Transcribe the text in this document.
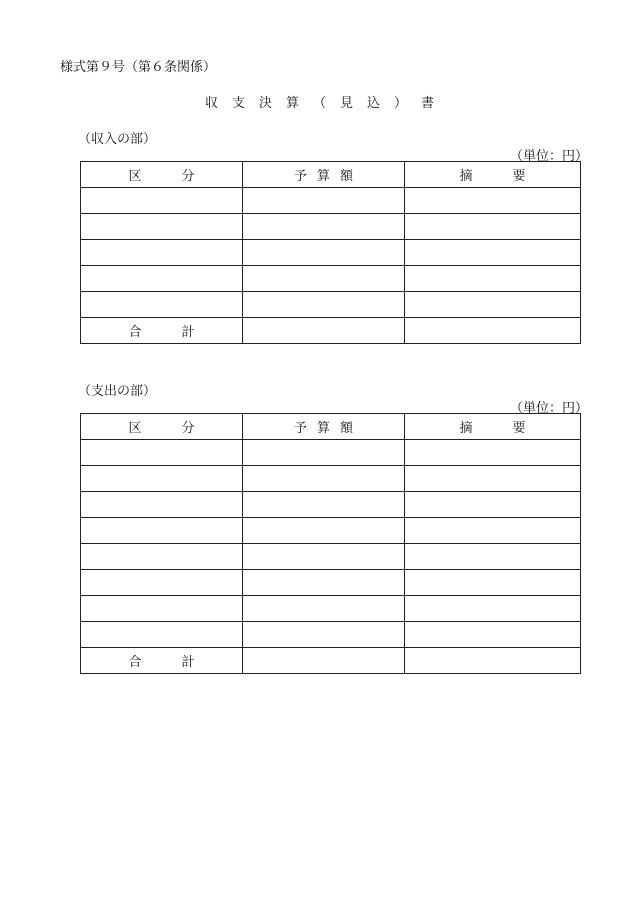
様式第９号（第６条関係）
収支決算（見込）書
（収入の部）
（単位：円）
区分	予算額	摘要

合計		
（支出の部）
（単位：円）
区分	予算額	摘要

合計		
